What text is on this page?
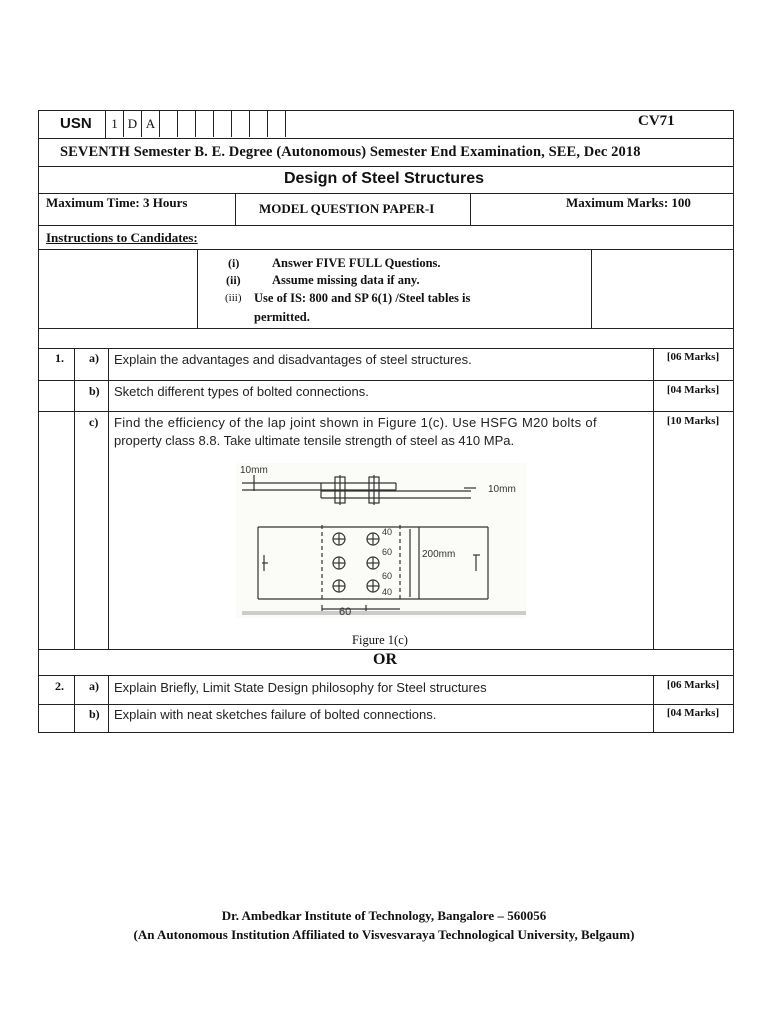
USN	1 D A	CV71
SEVENTH Semester B. E. Degree (Autonomous) Semester End Examination, SEE, Dec 2018
Design of Steel Structures
Maximum Time: 3 Hours	MODEL QUESTION PAPER-I	Maximum Marks: 100
Instructions to Candidates:
(i)	Answer FIVE FULL Questions.
(ii)	Assume missing data if any.
(iii) Use of IS: 800 and SP 6(1) /Steel tables is
permitted.
1. a) Explain the advantages and disadvantages of steel structures.	[06 Marks]
b) Sketch different types of bolted connections.	[04 Marks]
c) Find the efficiency of the lap joint shown in Figure 1(c). Use HSFG M20 bolts of
property class 8.8. Take ultimate tensile strength of steel as 410 MPa.
[10 Marks]
10mm
10mm
200mm
40
60
60
40
60
Figure 1(c)
OR
2. a) Explain Briefly, Limit State Design philosophy for Steel structures	[06 Marks]
b) Explain with neat sketches failure of bolted connections.	[04 Marks]
Dr. Ambedkar Institute of Technology, Bangalore – 560056
(An Autonomous Institution Affiliated to Visvesvaraya Technological University, Belgaum)
